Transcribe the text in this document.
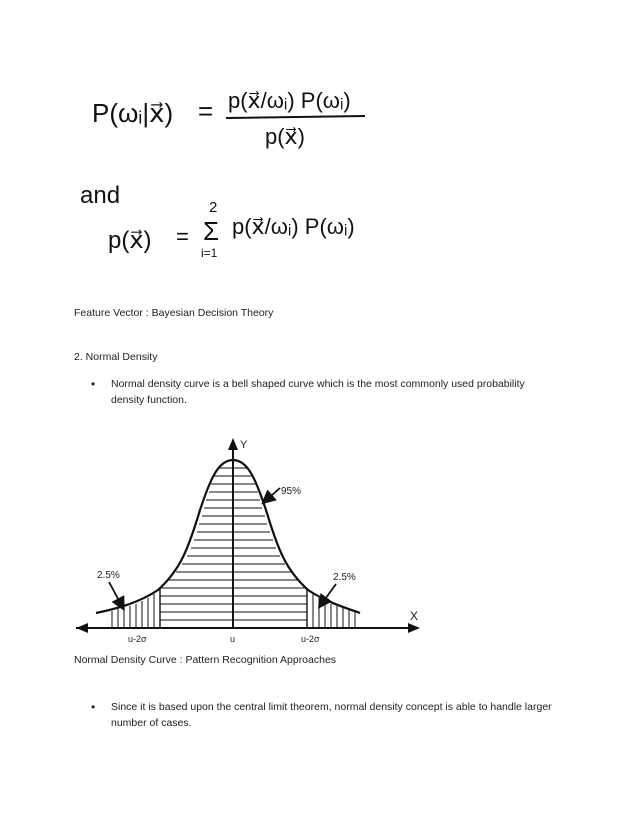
P(ωᵢ|x⃗) = p(x⃗/ωᵢ) P(ωᵢ)
p(x⃗)
and
p(x⃗) =
2
Σ
i=1
p(x⃗/ωᵢ) P(ωᵢ)
Feature Vector : Bayesian Decision Theory
2. Normal Density
• Normal density curve is a bell shaped curve which is the most commonly used probability
density function.
Y
X
95%
2.5%	2.5%
u-2σ	u	u-2σ
Normal Density Curve : Pattern Recognition Approaches
• Since it is based upon the central limit theorem, normal density concept is able to handle larger
number of cases.
